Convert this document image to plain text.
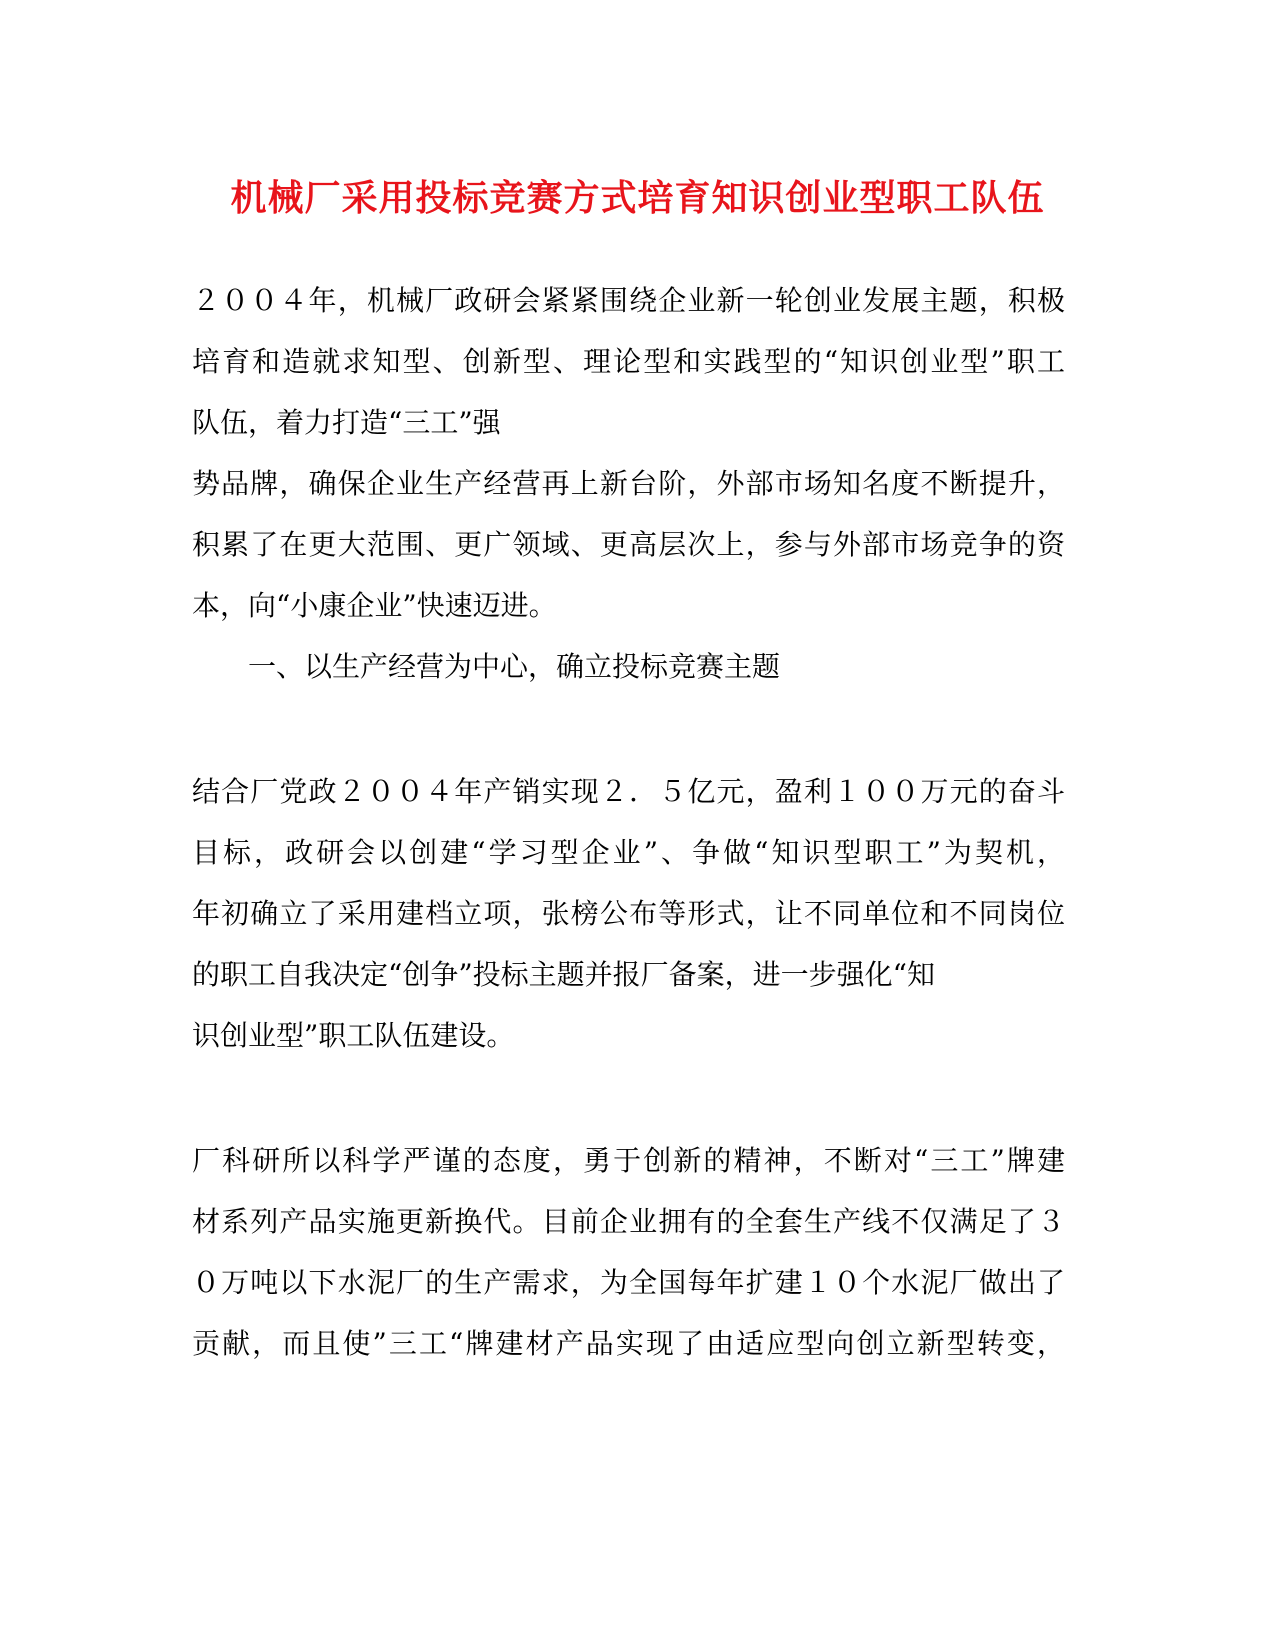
机械厂采用投标竞赛方式培育知识创业型职工队伍

２００４年，机械厂政研会紧紧围绕企业新一轮创业发展主题，积极

培育和造就求知型、创新型、理论型和实践型的“知识创业型”职工

队伍，着力打造“三工”强

势品牌，确保企业生产经营再上新台阶，外部市场知名度不断提升，

积累了在更大范围、更广领域、更高层次上，参与外部市场竞争的资

本，向“小康企业”快速迈进。

一、以生产经营为中心，确立投标竞赛主题

结合厂党政２００４年产销实现２．５亿元，盈利１００万元的奋斗

目标，政研会以创建“学习型企业”、争做“知识型职工”为契机，

年初确立了采用建档立项，张榜公布等形式，让不同单位和不同岗位

的职工自我决定“创争”投标主题并报厂备案，进一步强化“知

识创业型”职工队伍建设。

厂科研所以科学严谨的态度，勇于创新的精神，不断对“三工”牌建

材系列产品实施更新换代。目前企业拥有的全套生产线不仅满足了３

０万吨以下水泥厂的生产需求，为全国每年扩建１０个水泥厂做出了

贡献，而且使”三工“牌建材产品实现了由适应型向创立新型转变，
